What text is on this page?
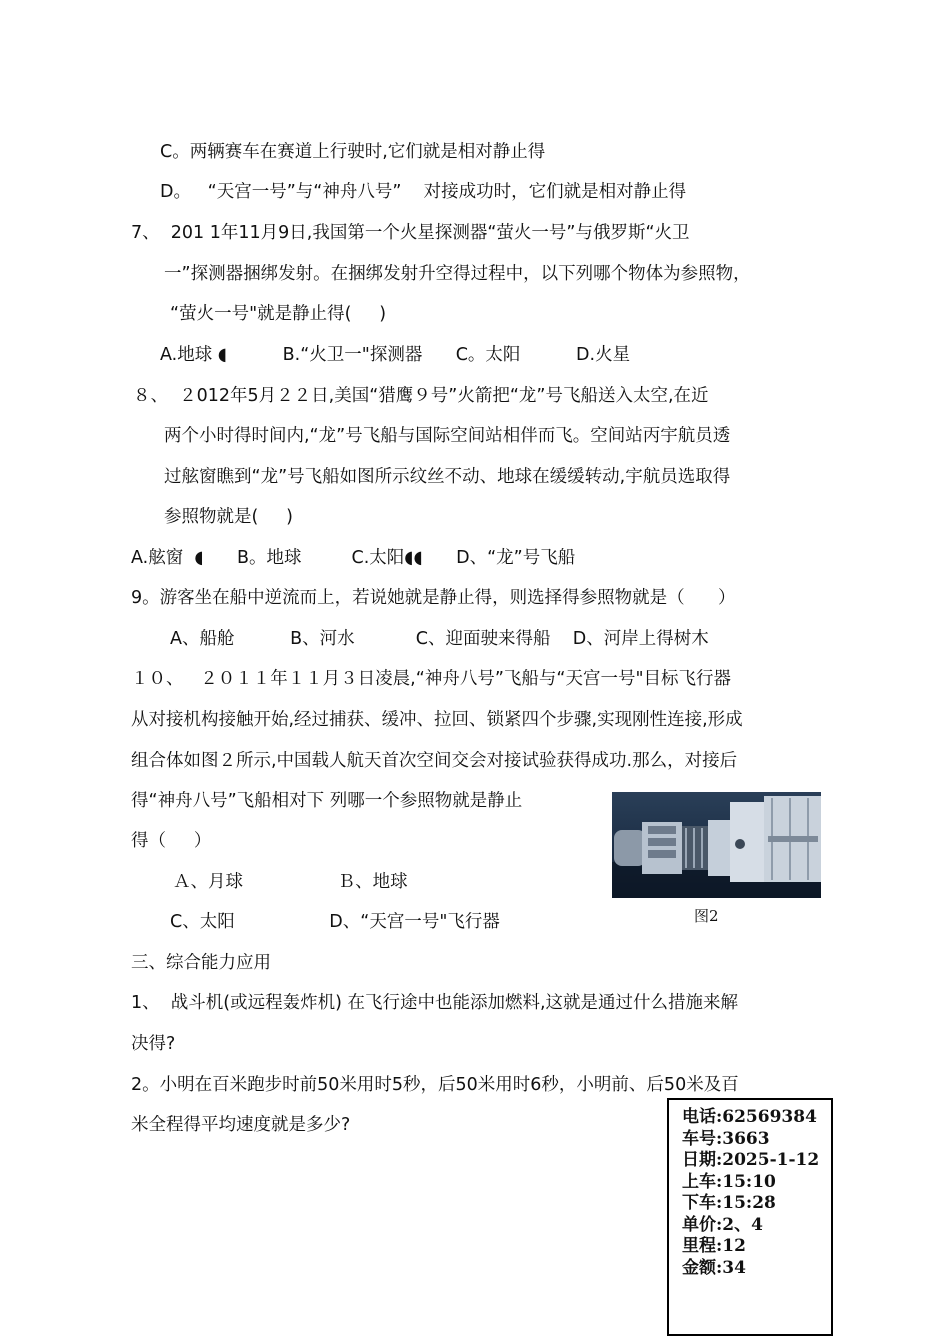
C。两辆赛车在赛道上行驶时,它们就是相对静止得
D。   “天宫一号”与“神舟八号”    对接成功时，它们就是相对静止得
7、  201 1年11月9日,我国第一个火星探测器“萤火一号”与俄罗斯“火卫
一”探测器捆绑发射。在捆绑发射升空得过程中，以下列哪个物体为参照物，
“萤火一号"就是静止得(     )
A.地球 ◖          B.“火卫一"探测器      C。太阳          D.火星
８、  ２012年5月２２日,美国“猎鹰９号”火箭把“龙”号飞船送入太空,在近
两个小时得时间内,“龙”号飞船与国际空间站相伴而飞。空间站丙宇航员透
过舷窗瞧到“龙”号飞船如图所示纹丝不动、地球在缓缓转动,宇航员选取得
参照物就是(     )
A.舷窗  ◖      B。地球         C.太阳◖◖      D、“龙”号飞船
9。游客坐在船中逆流而上，若说她就是静止得，则选择得参照物就是（      ）
A、船舱          B、河水           C、迎面驶来得船    D、河岸上得树木
１０、   ２０１１年１１月３日凌晨,“神舟八号”飞船与“天宫一号"目标飞行器
从对接机构接触开始,经过捕获、缓冲、拉回、锁紧四个步骤,实现刚性连接,形成
组合体如图２所示,中国载人航天首次空间交会对接试验获得成功.那么，对接后
得“神舟八号”飞船相对下 列哪一个参照物就是静止
得（     ）
Ａ、月球                 Ｂ、地球
C、太阳                 D、“天宫一号"飞行器
三、综合能力应用
1、  战斗机(或远程轰炸机) 在飞行途中也能添加燃料,这就是通过什么措施来解
决得?
2。小明在百米跑步时前50米用时5秒，后50米用时6秒，小明前、后50米及百
米全程得平均速度就是多少?
图2
电话:62569384
车号:3663
日期:2025-1-12
上车:15:10
下车:15:28
单价:2、4
里程:12
金额:34
